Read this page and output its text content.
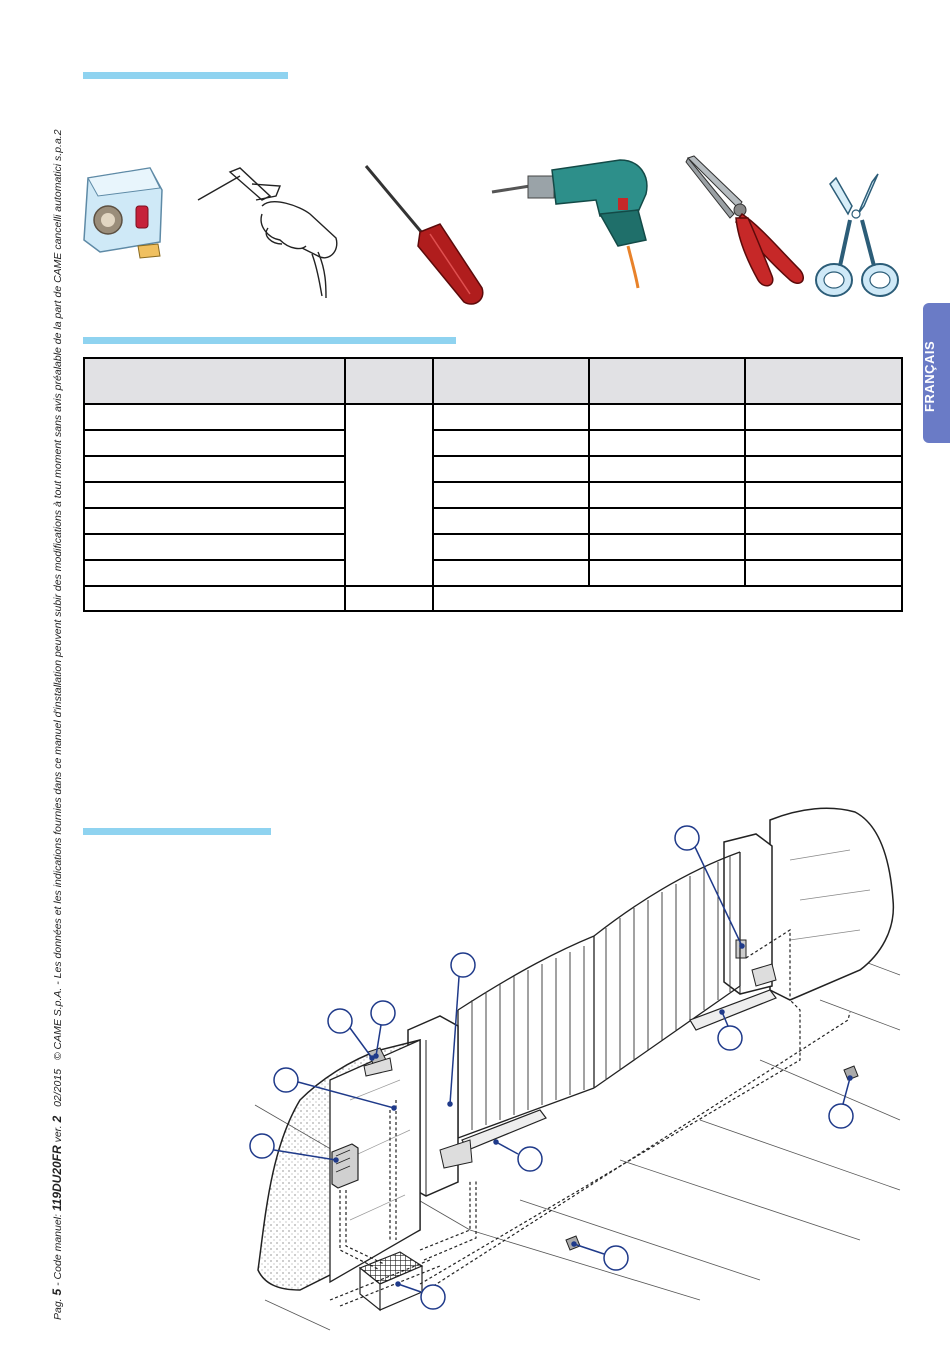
Pag. 5 - Code manuel: 119DU20FR ver. 2   02/2015   © CAME S.p.A. - Les données et les indications fournies dans ce manuel d'installation peuvent subir des modifications à tout moment sans avis préalable de la part de CAME cancelli automatici s.p.a.2	FRANÇAIS
